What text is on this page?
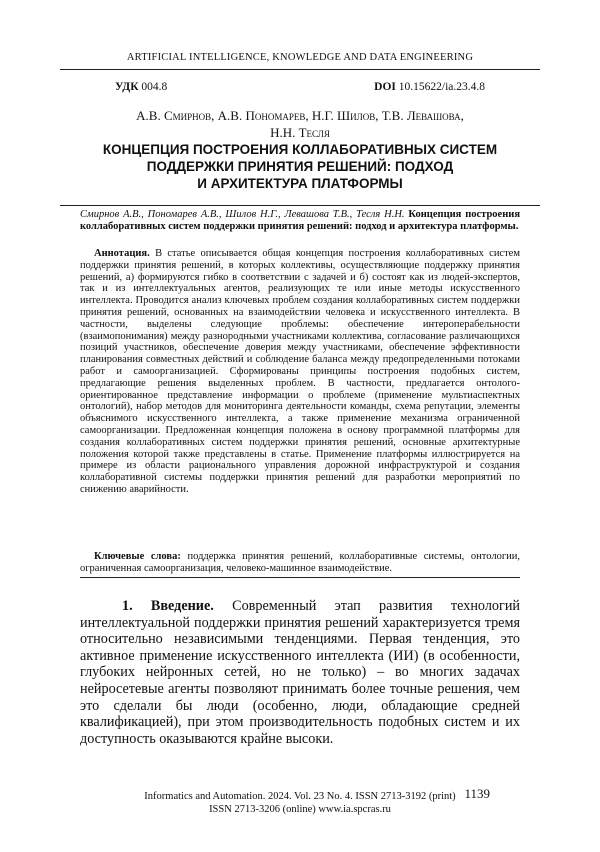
ARTIFICIAL INTELLIGENCE, KNOWLEDGE AND DATA ENGINEERING
УДК 004.8	DOI 10.15622/ia.23.4.8
А.В. Смирнов, А.В. Пономарев, Н.Г. Шилов, Т.В. Левашова,
Н.Н. Тесля
КОНЦЕПЦИЯ ПОСТРОЕНИЯ КОЛЛАБОРАТИВНЫХ СИСТЕМ
ПОДДЕРЖКИ ПРИНЯТИЯ РЕШЕНИЙ: ПОДХОД
И АРХИТЕКТУРА ПЛАТФОРМЫ
Смирнов А.В., Пономарев А.В., Шилов Н.Г., Левашова Т.В., Тесля Н.Н. Концепция построения коллаборативных систем поддержки принятия решений: подход и архитектура платформы.
Аннотация. В статье описывается общая концепция построения коллаборативных систем поддержки принятия решений, в которых коллективы, осуществляющие поддержку принятия решений, а) формируются гибко в соответствии с задачей и б) состоят как из людей-экспертов, так и из интеллектуальных агентов, реализующих те или иные методы искусственного интеллекта. Проводится анализ ключевых проблем создания коллаборативных систем поддержки принятия решений, основанных на взаимодействии человека и искусственного интеллекта. В частности, выделены следующие проблемы: обеспечение интероперабельности (взаимопонимания) между разнородными участниками коллектива, согласование различающихся позиций участников, обеспечение доверия между участниками, обеспечение эффективности планирования совместных действий и соблюдение баланса между предопределенными потоками работ и самоорганизацией. Сформированы принципы построения подобных систем, предлагающие решения выделенных проблем. В частности, предлагается онтолого-ориентированное представление информации о проблеме (применение мультиаспектных онтологий), набор методов для мониторинга деятельности команды, схема репутации, элементы объяснимого искусственного интеллекта, а также применение механизма ограниченной самоорганизации. Предложенная концепция положена в основу программной платформы для создания коллаборативных систем поддержки принятия решений, основные архитектурные положения которой также представлены в статье. Применение платформы иллюстрируется на примере из области рационального управления дорожной инфраструктурой и создания коллаборативной системы поддержки принятия решений для разработки мероприятий по снижению аварийности.
Ключевые слова: поддержка принятия решений, коллаборативные системы, онтологии, ограниченная самоорганизация, человеко-машинное взаимодействие.
1. Введение. Современный этап развития технологий интеллектуальной поддержки принятия решений характеризуется тремя относительно независимыми тенденциями. Первая тенденция, это активное применение искусственного интеллекта (ИИ) (в особенности, глубоких нейронных сетей, но не только) – во многих задачах нейросетевые агенты позволяют принимать более точные решения, чем это сделали бы люди (особенно, люди, обладающие средней квалификацией), при этом производительность подобных систем и их доступность оказываются крайне высоки.
Informatics and Automation. 2024. Vol. 23 No. 4. ISSN 2713-3192 (print)
ISSN 2713-3206 (online) www.ia.spcras.ru
1139
